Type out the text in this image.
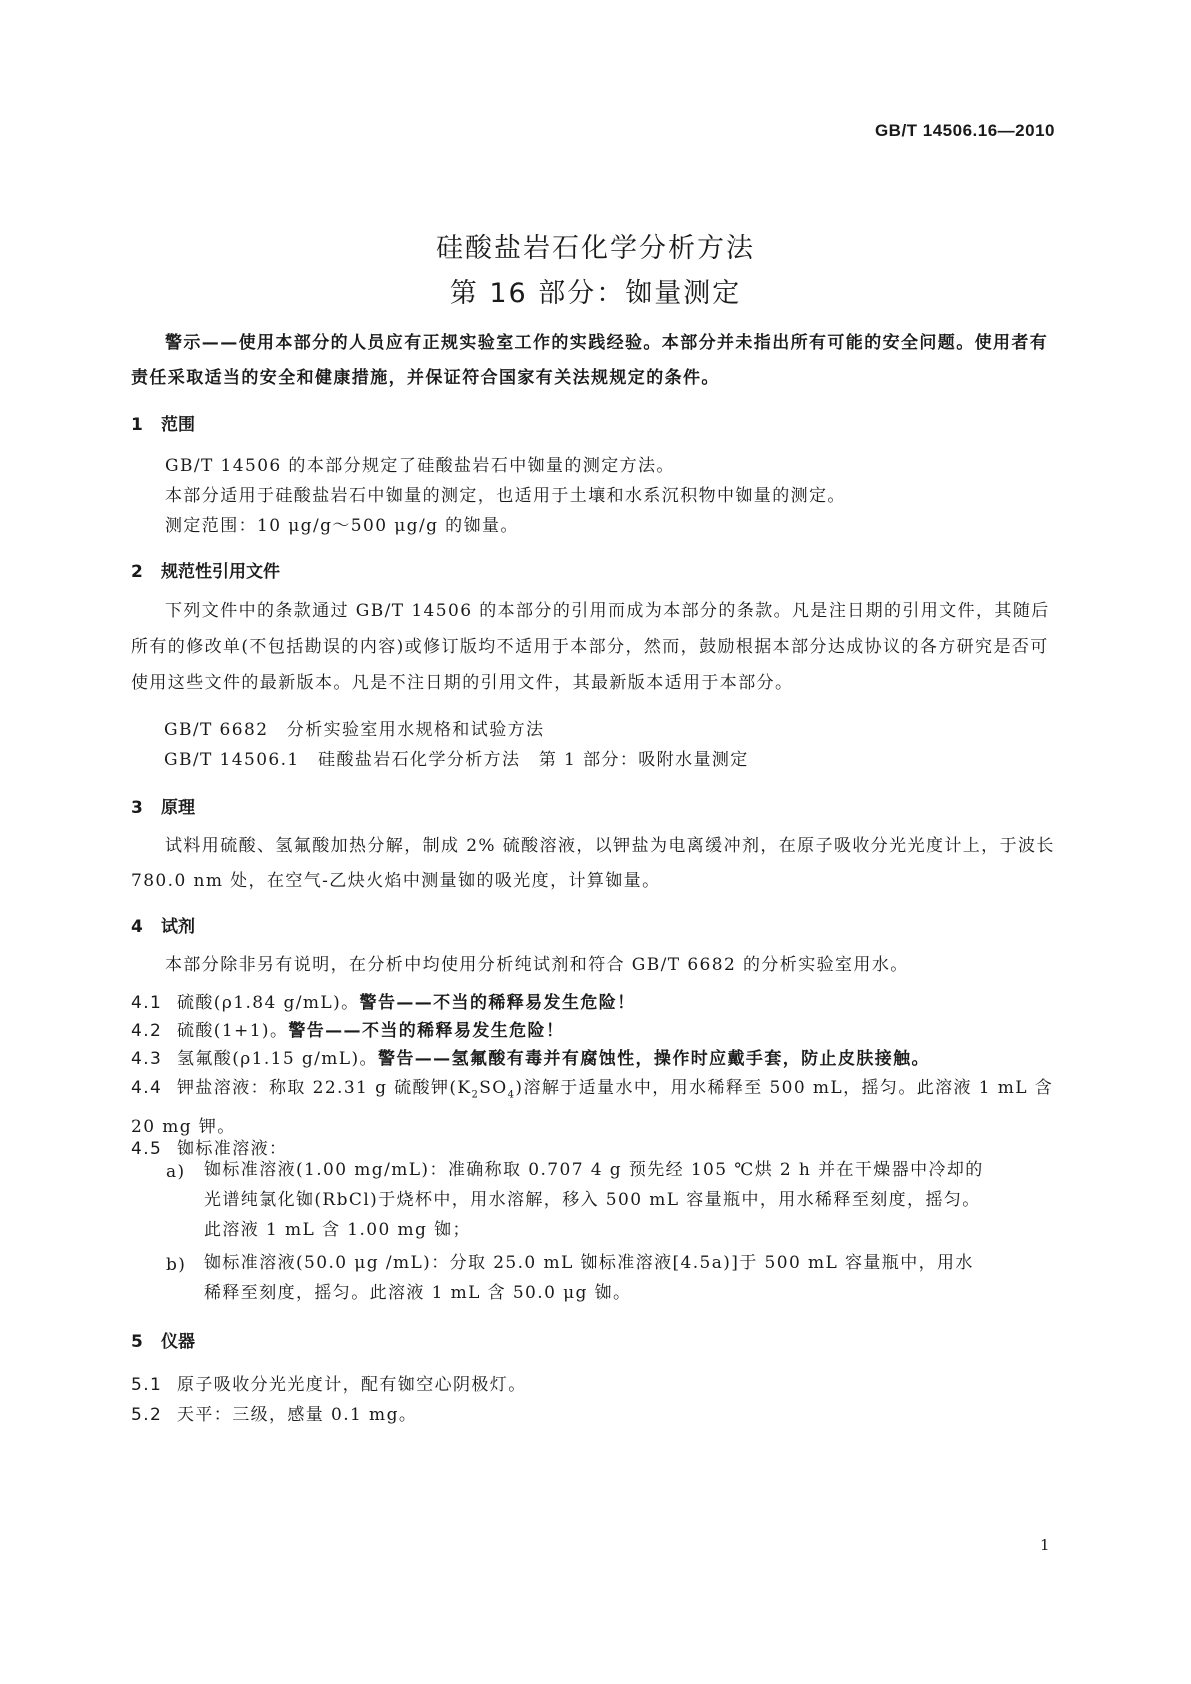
GB/T 14506.16—2010
硅酸盐岩石化学分析方法
第 16 部分：铷量测定
警示——使用本部分的人员应有正规实验室工作的实践经验。本部分并未指出所有可能的安全问题。使用者有责任采取适当的安全和健康措施，并保证符合国家有关法规规定的条件。
1 范围
GB/T 14506 的本部分规定了硅酸盐岩石中铷量的测定方法。
本部分适用于硅酸盐岩石中铷量的测定，也适用于土壤和水系沉积物中铷量的测定。
测定范围：10 μg/g～500 μg/g 的铷量。
2 规范性引用文件
下列文件中的条款通过 GB/T 14506 的本部分的引用而成为本部分的条款。凡是注日期的引用文件，其随后所有的修改单(不包括勘误的内容)或修订版均不适用于本部分，然而，鼓励根据本部分达成协议的各方研究是否可使用这些文件的最新版本。凡是不注日期的引用文件，其最新版本适用于本部分。
GB/T 6682　分析实验室用水规格和试验方法
GB/T 14506.1　硅酸盐岩石化学分析方法　第 1 部分：吸附水量测定
3 原理
试料用硫酸、氢氟酸加热分解，制成 2% 硫酸溶液，以钾盐为电离缓冲剂，在原子吸收分光光度计上，于波长 780.0 nm 处，在空气-乙炔火焰中测量铷的吸光度，计算铷量。
4 试剂
本部分除非另有说明，在分析中均使用分析纯试剂和符合 GB/T 6682 的分析实验室用水。
4.1 硫酸(ρ1.84 g/mL)。警告——不当的稀释易发生危险！
4.2 硫酸(1+1)。警告——不当的稀释易发生危险！
4.3 氢氟酸(ρ1.15 g/mL)。警告——氢氟酸有毒并有腐蚀性，操作时应戴手套，防止皮肤接触。
4.4 钾盐溶液：称取 22.31 g 硫酸钾$(K_2SO_4)$溶解于适量水中，用水稀释至 500 mL，摇匀。此溶液 1 mL 含 20 mg 钾。
4.5 铷标准溶液：
a) 铷标准溶液(1.00 mg/mL)：准确称取 0.707 4 g 预先经 105 ℃烘 2 h 并在干燥器中冷却的光谱纯氯化铷(RbCl)于烧杯中，用水溶解，移入 500 mL 容量瓶中，用水稀释至刻度，摇匀。此溶液 1 mL 含 1.00 mg 铷；
b) 铷标准溶液(50.0 μg /mL)：分取 25.0 mL 铷标准溶液[4.5a)]于 500 mL 容量瓶中，用水稀释至刻度，摇匀。此溶液 1 mL 含 50.0 μg 铷。
5 仪器
5.1 原子吸收分光光度计，配有铷空心阴极灯。
5.2 天平：三级，感量 0.1 mg。
1
